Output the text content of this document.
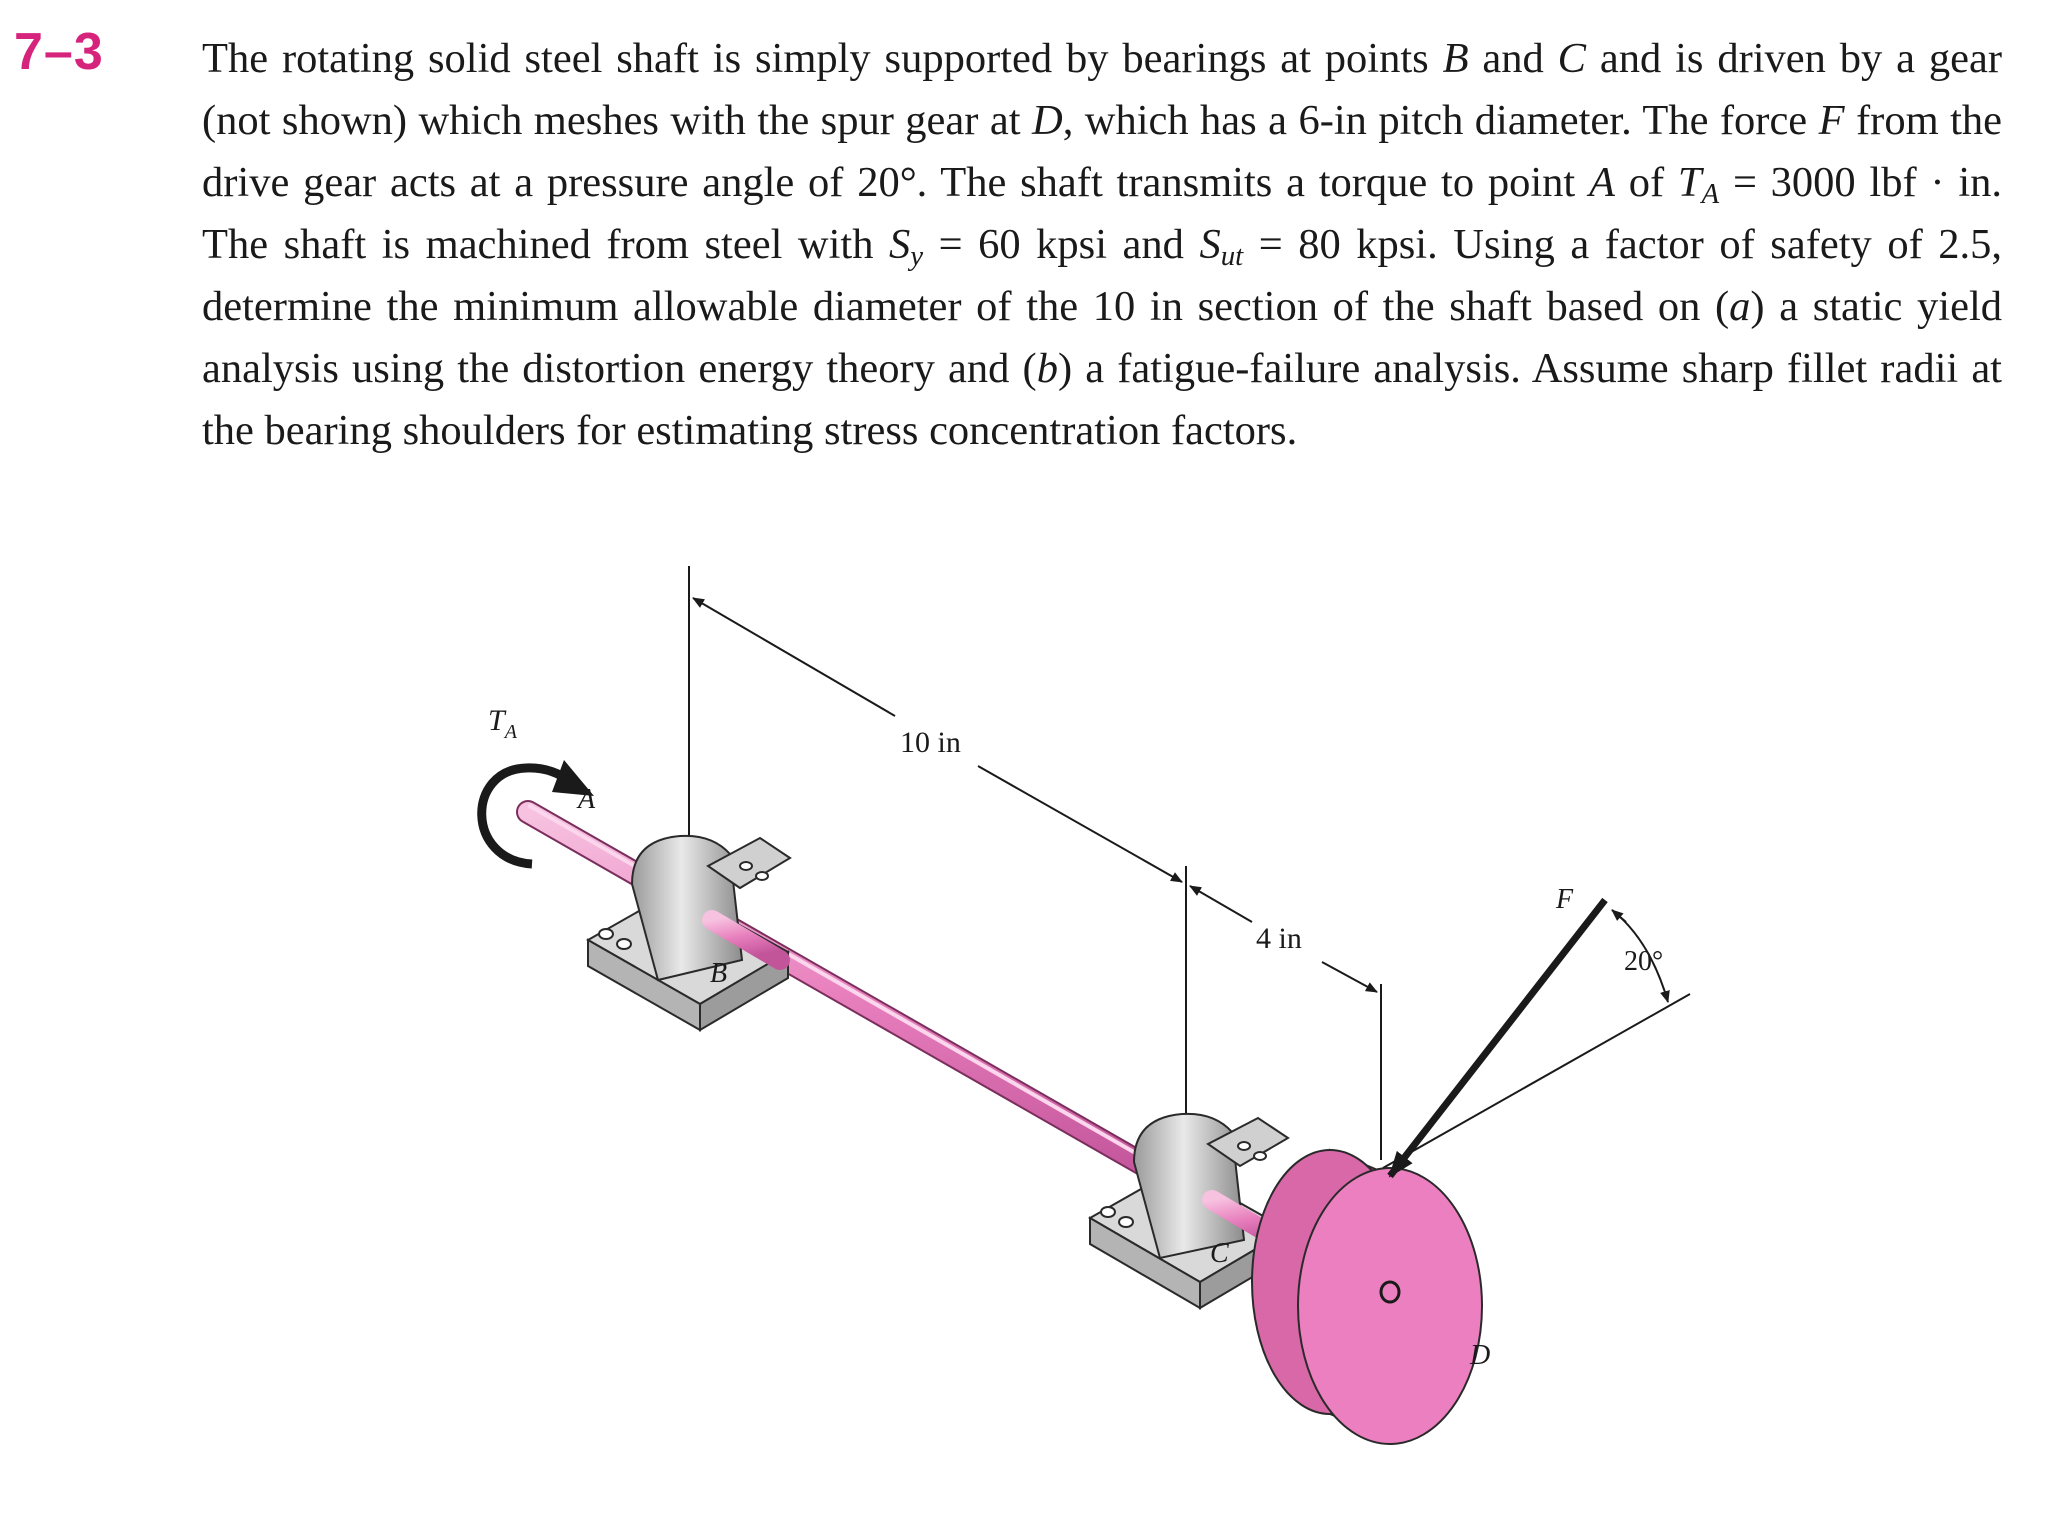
7–3 The rotating solid steel shaft is simply supported by bearings at points B and C and is driven by a gear (not shown) which meshes with the spur gear at D, which has a 6-in pitch diameter. The force F from the drive gear acts at a pressure angle of 20°. The shaft transmits a torque to point A of $T_A = 3000$ lbf · in. The shaft is machined from steel with $S_y = 60$ kpsi and $S_{ut} = 80$ kpsi. Using a factor of safety of 2.5, determine the minimum allowable diameter of the 10 in section of the shaft based on (a) a static yield analysis using the distortion energy theory and (b) a fatigue-failure analysis. Assume sharp fillet radii at the bearing shoulders for estimating stress concentration factors.
$T_A$
A
B
C
D
F
10 in
4 in
20°
